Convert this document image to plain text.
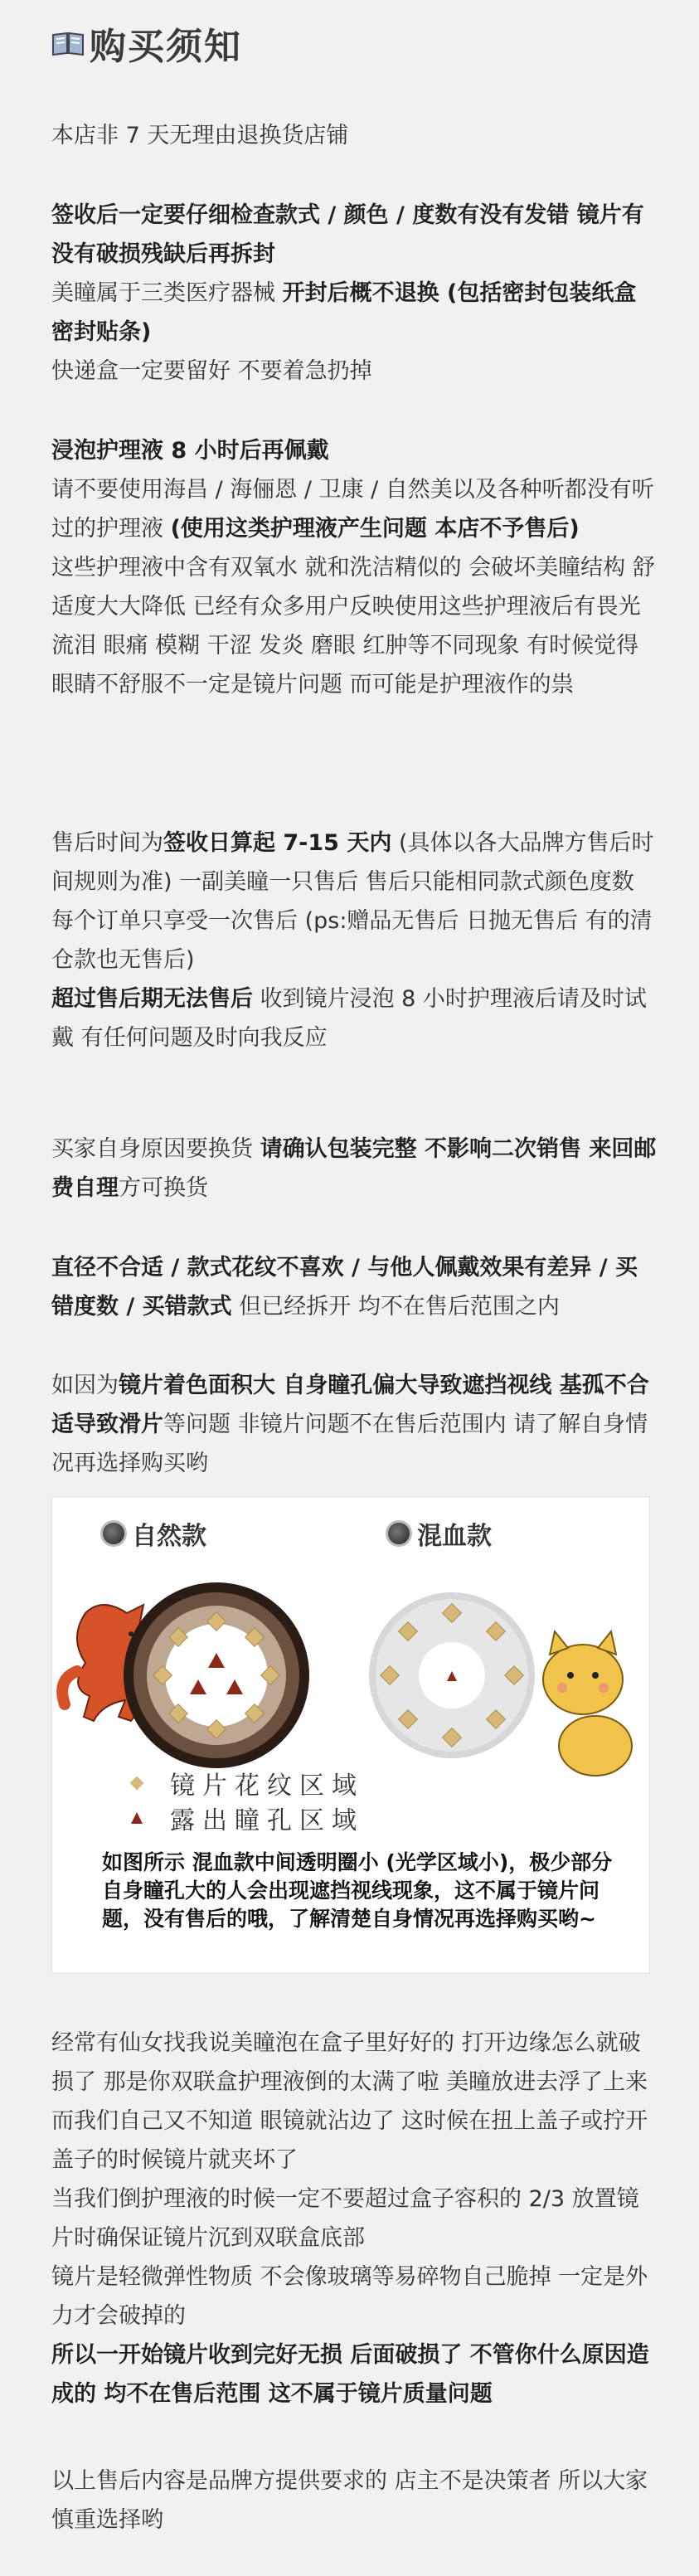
购买须知
本店非 7 天无理由退换货店铺
签收后一定要仔细检查款式 / 颜色 / 度数有没有发错 镜片有没有破损残缺后再拆封
美瞳属于三类医疗器械 开封后概不退换 (包括密封包装纸盒 密封贴条)
快递盒一定要留好 不要着急扔掉
浸泡护理液 8 小时后再佩戴
请不要使用海昌 / 海俪恩 / 卫康 / 自然美以及各种听都没有听过的护理液 (使用这类护理液产生问题 本店不予售后)
这些护理液中含有双氧水 就和洗洁精似的 会破坏美瞳结构 舒适度大大降低 已经有众多用户反映使用这些护理液后有畏光 流泪 眼痛 模糊 干涩 发炎 磨眼 红肿等不同现象 有时候觉得眼睛不舒服不一定是镜片问题 而可能是护理液作的祟
售后时间为签收日算起 7-15 天内 (具体以各大品牌方售后时间规则为准) 一副美瞳一只售后 售后只能相同款式颜色度数
每个订单只享受一次售后 (ps:赠品无售后 日抛无售后 有的清仓款也无售后)
超过售后期无法售后 收到镜片浸泡 8 小时护理液后请及时试戴 有任何问题及时向我反应
买家自身原因要换货 请确认包装完整 不影响二次销售 来回邮费自理方可换货
直径不合适 / 款式花纹不喜欢 / 与他人佩戴效果有差异 / 买错度数 / 买错款式 但已经拆开 均不在售后范围之内
如因为镜片着色面积大 自身瞳孔偏大导致遮挡视线 基孤不合适导致滑片等问题 非镜片问题不在售后范围内 请了解自身情况再选择购买哟
自然款	混血款
镜片花纹区域
露出瞳孔区域
如图所示 混血款中间透明圈小 (光学区域小)，极少部分自身瞳孔大的人会出现遮挡视线现象，这不属于镜片问题，没有售后的哦，了解清楚自身情况再选择购买哟~
经常有仙女找我说美瞳泡在盒子里好好的 打开边缘怎么就破损了 那是你双联盒护理液倒的太满了啦 美瞳放进去浮了上来 而我们自己又不知道 眼镜就沾边了 这时候在扭上盖子或拧开盖子的时候镜片就夹坏了
当我们倒护理液的时候一定不要超过盒子容积的 2/3 放置镜片时确保证镜片沉到双联盒底部
镜片是轻微弹性物质 不会像玻璃等易碎物自己脆掉 一定是外力才会破掉的
所以一开始镜片收到完好无损 后面破损了 不管你什么原因造成的 均不在售后范围 这不属于镜片质量问题
以上售后内容是品牌方提供要求的 店主不是决策者 所以大家慎重选择哟
